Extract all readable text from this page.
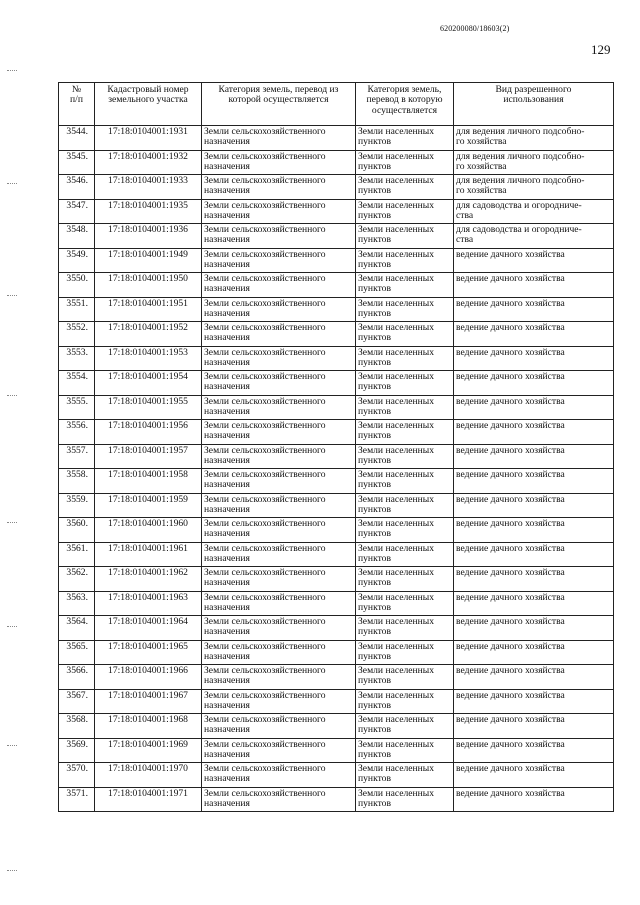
620200080/18603(2)
129
№
п/п	Кадастровый номер
земельного участка	Категория земель, перевод из
которой осуществляется	Категория земель,
перевод в которую
осуществляется	Вид разрешенного
использования
3544.	17:18:0104001:1931	Земли сельскохозяйственного
назначения	Земли населенных
пунктов	для ведения личного подсобно-
го хозяйства
3545.	17:18:0104001:1932	Земли сельскохозяйственного
назначения	Земли населенных
пунктов	для ведения личного подсобно-
го хозяйства
3546.	17:18:0104001:1933	Земли сельскохозяйственного
назначения	Земли населенных
пунктов	для ведения личного подсобно-
го хозяйства
3547.	17:18:0104001:1935	Земли сельскохозяйственного
назначения	Земли населенных
пунктов	для садоводства и огородниче-
ства
3548.	17:18:0104001:1936	Земли сельскохозяйственного
назначения	Земли населенных
пунктов	для садоводства и огородниче-
ства
3549.	17:18:0104001:1949	Земли сельскохозяйственного
назначения	Земли населенных
пунктов	ведение дачного хозяйства
3550.	17:18:0104001:1950	Земли сельскохозяйственного
назначения	Земли населенных
пунктов	ведение дачного хозяйства
3551.	17:18:0104001:1951	Земли сельскохозяйственного
назначения	Земли населенных
пунктов	ведение дачного хозяйства
3552.	17:18:0104001:1952	Земли сельскохозяйственного
назначения	Земли населенных
пунктов	ведение дачного хозяйства
3553.	17:18:0104001:1953	Земли сельскохозяйственного
назначения	Земли населенных
пунктов	ведение дачного хозяйства
3554.	17:18:0104001:1954	Земли сельскохозяйственного
назначения	Земли населенных
пунктов	ведение дачного хозяйства
3555.	17:18:0104001:1955	Земли сельскохозяйственного
назначения	Земли населенных
пунктов	ведение дачного хозяйства
3556.	17:18:0104001:1956	Земли сельскохозяйственного
назначения	Земли населенных
пунктов	ведение дачного хозяйства
3557.	17:18:0104001:1957	Земли сельскохозяйственного
назначения	Земли населенных
пунктов	ведение дачного хозяйства
3558.	17:18:0104001:1958	Земли сельскохозяйственного
назначения	Земли населенных
пунктов	ведение дачного хозяйства
3559.	17:18:0104001:1959	Земли сельскохозяйственного
назначения	Земли населенных
пунктов	ведение дачного хозяйства
3560.	17:18:0104001:1960	Земли сельскохозяйственного
назначения	Земли населенных
пунктов	ведение дачного хозяйства
3561.	17:18:0104001:1961	Земли сельскохозяйственного
назначения	Земли населенных
пунктов	ведение дачного хозяйства
3562.	17:18:0104001:1962	Земли сельскохозяйственного
назначения	Земли населенных
пунктов	ведение дачного хозяйства
3563.	17:18:0104001:1963	Земли сельскохозяйственного
назначения	Земли населенных
пунктов	ведение дачного хозяйства
3564.	17:18:0104001:1964	Земли сельскохозяйственного
назначения	Земли населенных
пунктов	ведение дачного хозяйства
3565.	17:18:0104001:1965	Земли сельскохозяйственного
назначения	Земли населенных
пунктов	ведение дачного хозяйства
3566.	17:18:0104001:1966	Земли сельскохозяйственного
назначения	Земли населенных
пунктов	ведение дачного хозяйства
3567.	17:18:0104001:1967	Земли сельскохозяйственного
назначения	Земли населенных
пунктов	ведение дачного хозяйства
3568.	17:18:0104001:1968	Земли сельскохозяйственного
назначения	Земли населенных
пунктов	ведение дачного хозяйства
3569.	17:18:0104001:1969	Земли сельскохозяйственного
назначения	Земли населенных
пунктов	ведение дачного хозяйства
3570.	17:18:0104001:1970	Земли сельскохозяйственного
назначения	Земли населенных
пунктов	ведение дачного хозяйства
3571.	17:18:0104001:1971	Земли сельскохозяйственного
назначения	Земли населенных
пунктов	ведение дачного хозяйства
